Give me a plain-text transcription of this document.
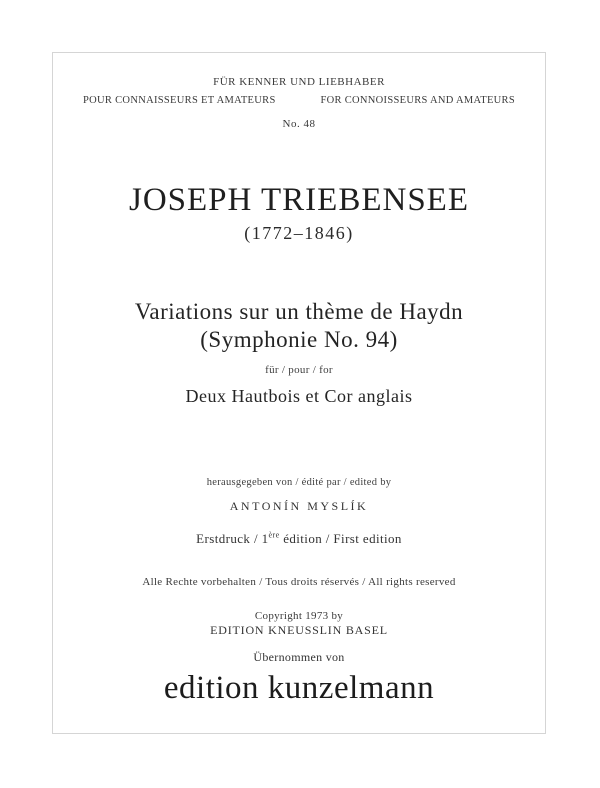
FÜR KENNER UND LIEBHABER
POUR CONNAISSEURS ET AMATEURS	FOR CONNOISSEURS AND AMATEURS
No. 48
JOSEPH TRIEBENSEE
(1772–1846)
Variations sur un thème de Haydn
(Symphonie No. 94)
für / pour / for
Deux Hautbois et Cor anglais
herausgegeben von / édité par / edited by
ANTONÍN MYSLÍK
Erstdruck / 1ère édition / First edition
Alle Rechte vorbehalten / Tous droits réservés / All rights reserved
Copyright 1973 by
EDITION KNEUSSLIN BASEL
Übernommen von
edition kunzelmann
